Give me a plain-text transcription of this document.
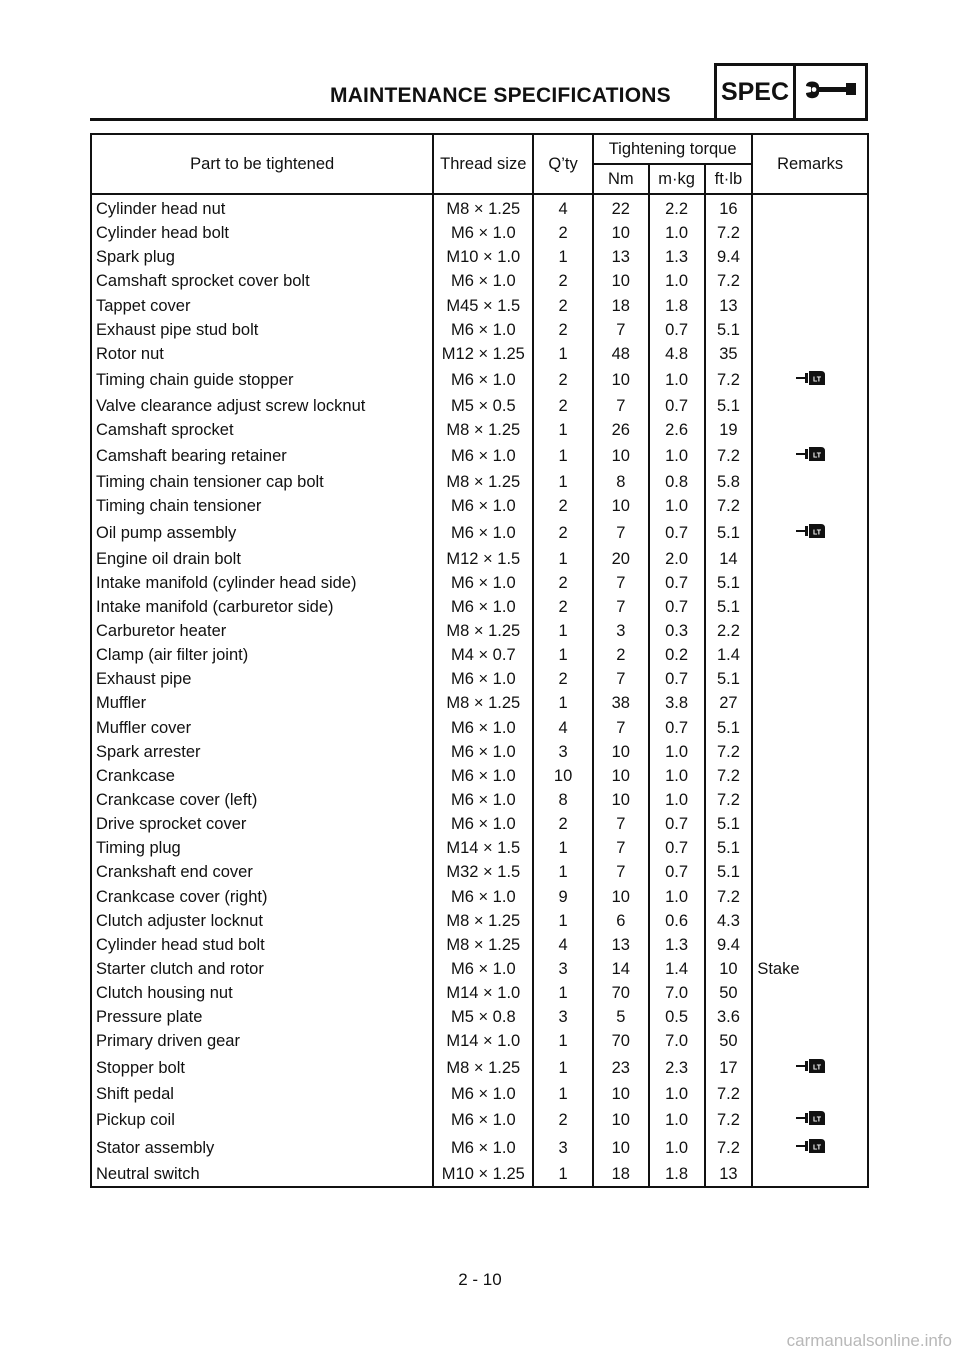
MAINTENANCE SPECIFICATIONS SPEC
Part to be tightened	Thread size	Q’ty	Tightening torque			Remarks
			Nm	m·kg	ft·lb	
Cylinder head nut	M8 × 1.25	4	22	2.2	16	
Cylinder head bolt	M6 × 1.0	2	10	1.0	7.2	
Spark plug	M10 × 1.0	1	13	1.3	9.4	
Camshaft sprocket cover bolt	M6 × 1.0	2	10	1.0	7.2	
Tappet cover	M45 × 1.5	2	18	1.8	13	
Exhaust pipe stud bolt	M6 × 1.0	2	7	0.7	5.1	
Rotor nut	M12 × 1.25	1	48	4.8	35	
Timing chain guide stopper	M6 × 1.0	2	10	1.0	7.2	LT

Valve clearance adjust screw locknut	M5 × 0.5	2	7	0.7	5.1	
Camshaft sprocket	M8 × 1.25	1	26	2.6	19	
Camshaft bearing retainer	M6 × 1.0	1	10	1.0	7.2	LT

Timing chain tensioner cap bolt	M8 × 1.25	1	8	0.8	5.8	
Timing chain tensioner	M6 × 1.0	2	10	1.0	7.2	
Oil pump assembly	M6 × 1.0	2	7	0.7	5.1	LT

Engine oil drain bolt	M12 × 1.5	1	20	2.0	14	
Intake manifold (cylinder head side)	M6 × 1.0	2	7	0.7	5.1	
Intake manifold (carburetor side)	M6 × 1.0	2	7	0.7	5.1	
Carburetor heater	M8 × 1.25	1	3	0.3	2.2	
Clamp (air filter joint)	M4 × 0.7	1	2	0.2	1.4	
Exhaust pipe	M6 × 1.0	2	7	0.7	5.1	
Muffler	M8 × 1.25	1	38	3.8	27	
Muffler cover	M6 × 1.0	4	7	0.7	5.1	
Spark arrester	M6 × 1.0	3	10	1.0	7.2	
Crankcase	M6 × 1.0	10	10	1.0	7.2	
Crankcase cover (left)	M6 × 1.0	8	10	1.0	7.2	
Drive sprocket cover	M6 × 1.0	2	7	0.7	5.1	
Timing plug	M14 × 1.5	1	7	0.7	5.1	
Crankshaft end cover	M32 × 1.5	1	7	0.7	5.1	
Crankcase cover (right)	M6 × 1.0	9	10	1.0	7.2	
Clutch adjuster locknut	M8 × 1.25	1	6	0.6	4.3	
Cylinder head stud bolt	M8 × 1.25	4	13	1.3	9.4	
Starter clutch and rotor	M6 × 1.0	3	14	1.4	10	Stake
Clutch housing nut	M14 × 1.0	1	70	7.0	50	
Pressure plate	M5 × 0.8	3	5	0.5	3.6	
Primary driven gear	M14 × 1.0	1	70	7.0	50	
Stopper bolt	M8 × 1.25	1	23	2.3	17	LT

Shift pedal	M6 × 1.0	1	10	1.0	7.2	
Pickup coil	M6 × 1.0	2	10	1.0	7.2	LT

Stator assembly	M6 × 1.0	3	10	1.0	7.2	LT

Neutral switch	M10 × 1.25	1	18	1.8	13	
2 - 10
carmanualsonline.info
